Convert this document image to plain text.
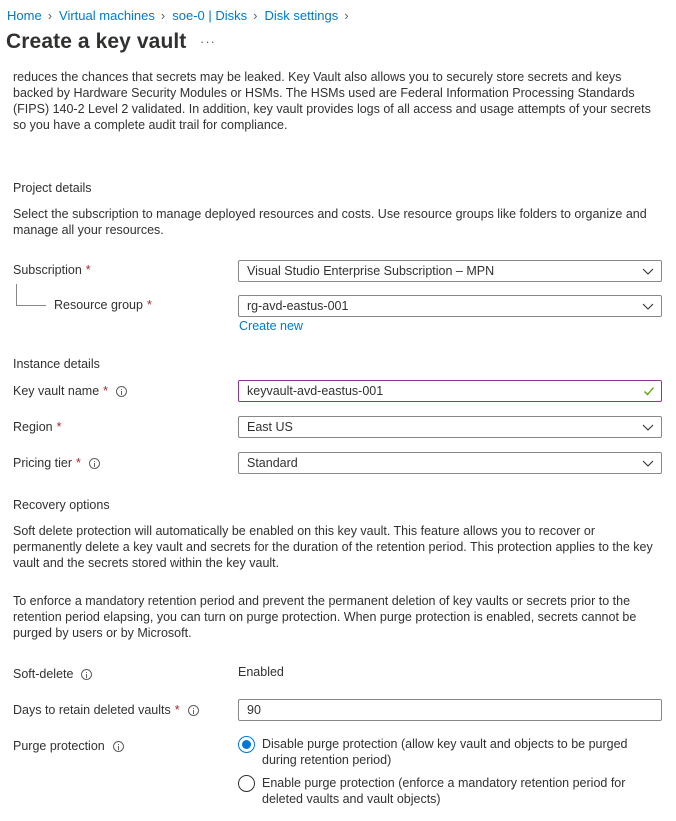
Home › Virtual machines › soe-0 | Disks › Disk settings ›
Create a key vault ···
reduces the chances that secrets may be leaked. Key Vault also allows you to securely store secrets and keys backed by Hardware Security Modules or HSMs. The HSMs used are Federal Information Processing Standards (FIPS) 140-2 Level 2 validated. In addition, key vault provides logs of all access and usage attempts of your secrets so you have a complete audit trail for compliance.
Project details
Select the subscription to manage deployed resources and costs. Use resource groups like folders to organize and manage all your resources.
Subscription *	Visual Studio Enterprise Subscription – MPN
Resource group *	rg-avd-eastus-001
Create new
Instance details
Key vault name *	keyvault-avd-eastus-001
Region *	East US
Pricing tier *	Standard
Recovery options
Soft delete protection will automatically be enabled on this key vault. This feature allows you to recover or permanently delete a key vault and secrets for the duration of the retention period. This protection applies to the key vault and the secrets stored within the key vault.
To enforce a mandatory retention period and prevent the permanent deletion of key vaults or secrets prior to the retention period elapsing, you can turn on purge protection. When purge protection is enabled, secrets cannot be purged by users or by Microsoft.
Soft-delete	Enabled
Days to retain deleted vaults *	90
Purge protection	Disable purge protection (allow key vault and objects to be purged during retention period)
Enable purge protection (enforce a mandatory retention period for deleted vaults and vault objects)
